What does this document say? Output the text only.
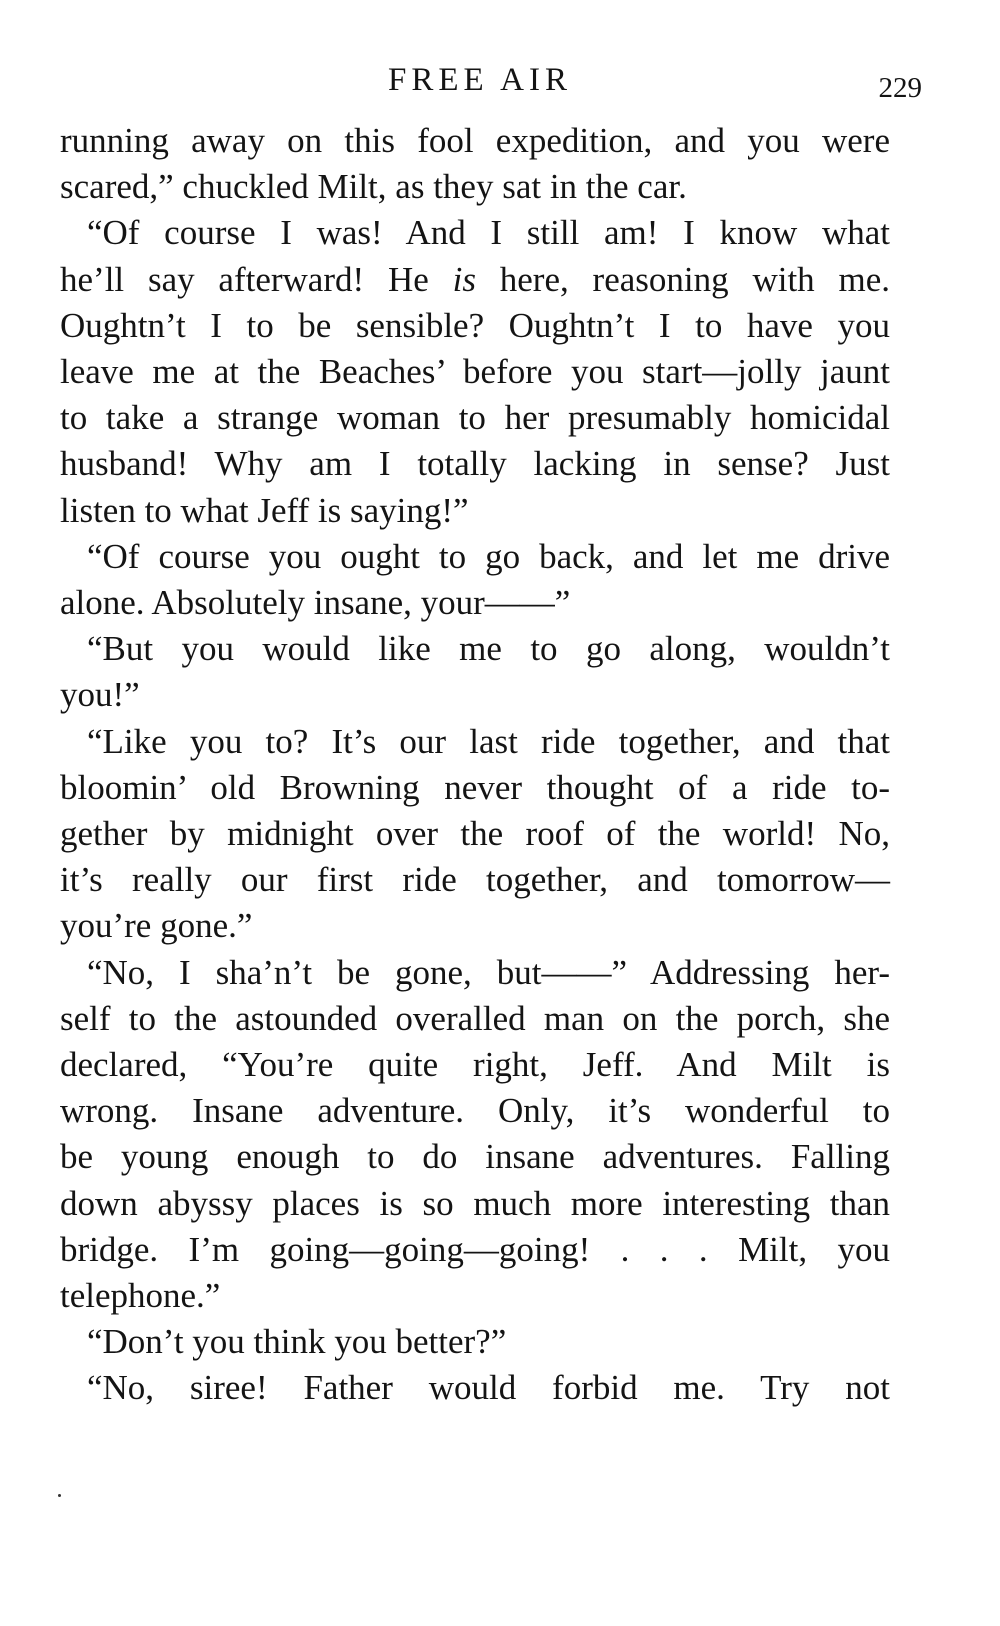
FREE AIR	229
running away on this fool expedition, and you were
scared,” chuckled Milt, as they sat in the car.
“Of course I was! And I still am! I know what
he’ll say afterward! He is here, reasoning with me.
Oughtn’t I to be sensible? Oughtn’t I to have you
leave me at the Beaches’ before you start—jolly jaunt
to take a strange woman to her presumably homicidal
husband! Why am I totally lacking in sense? Just
listen to what Jeff is saying!”
“Of course you ought to go back, and let me drive
alone. Absolutely insane, your——”
“But you would like me to go along, wouldn’t
you!”
“Like you to? It’s our last ride together, and that
bloomin’ old Browning never thought of a ride to-
gether by midnight over the roof of the world! No,
it’s really our first ride together, and tomorrow—
you’re gone.”
“No, I sha’n’t be gone, but——” Addressing her-
self to the astounded overalled man on the porch, she
declared, “You’re quite right, Jeff. And Milt is
wrong. Insane adventure. Only, it’s wonderful to
be young enough to do insane adventures. Falling
down abyssy places is so much more interesting than
bridge. I’m going—going—going! . . . Milt, you
telephone.”
“Don’t you think you better?”
“No, siree! Father would forbid me. Try not
